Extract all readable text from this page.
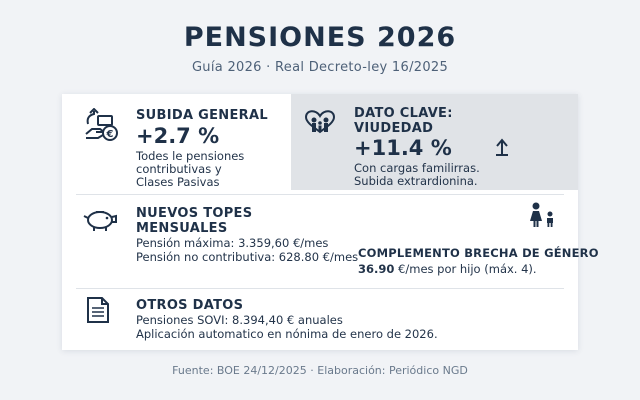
PENSIONES 2026
Guía 2026 · Real Decreto-ley 16/2025
€
SUBIDA GENERAL
+2.7 %
Todes le pensiones
contributivas y
Clases Pasivas
DATO CLAVE:
VIUDEDAD
+11.4 %
Con cargas familirras.
Subida extrardionina.
NUEVOS TOPES
MENSUALES
Pensión máxima: 3.359,60 €/mes
Pensión no contributiva: 628.80 €/mes COMPLEMENTO BRECHA DE GÉNERO
36.90 €/mes por hijo (máx. 4).
OTROS DATOS
Pensiones SOVI: 8.394,40 € anuales
Aplicación automatico en nónima de enero de 2026.
Fuente: BOE 24/12/2025 · Elaboración: Periódico NGD
